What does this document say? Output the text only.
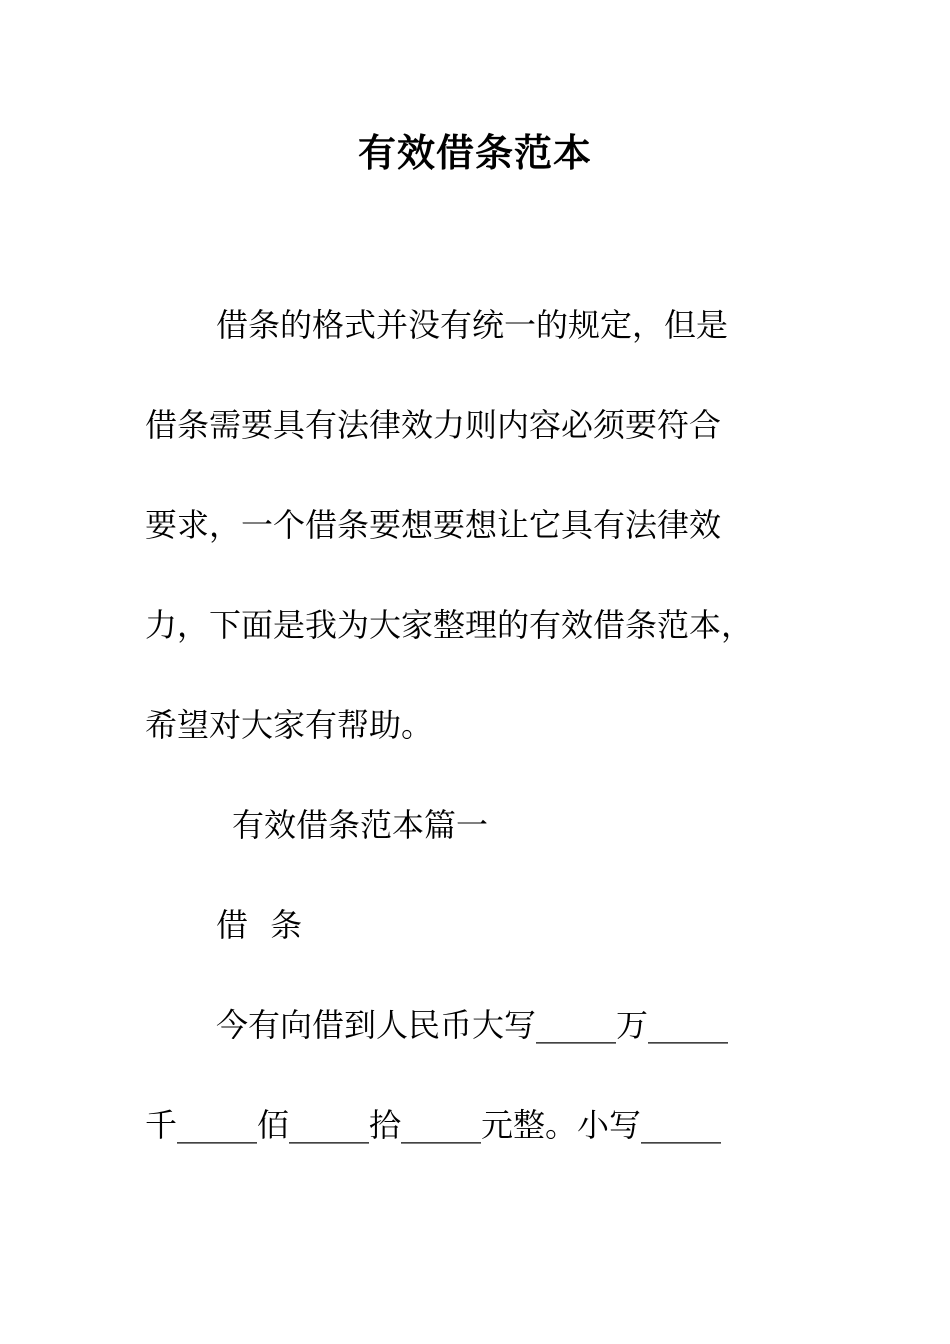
有效借条范本
借条的格式并没有统一的规定，但是
借条需要具有法律效力则内容必须要符合
要求，一个借条要想要想让它具有法律效
力，下面是我为大家整理的有效借条范本，
希望对大家有帮助。
有效借条范本篇一
借 条
今有向借到人民币大写_____万_____
千_____佰_____拾_____元整。小写_____
